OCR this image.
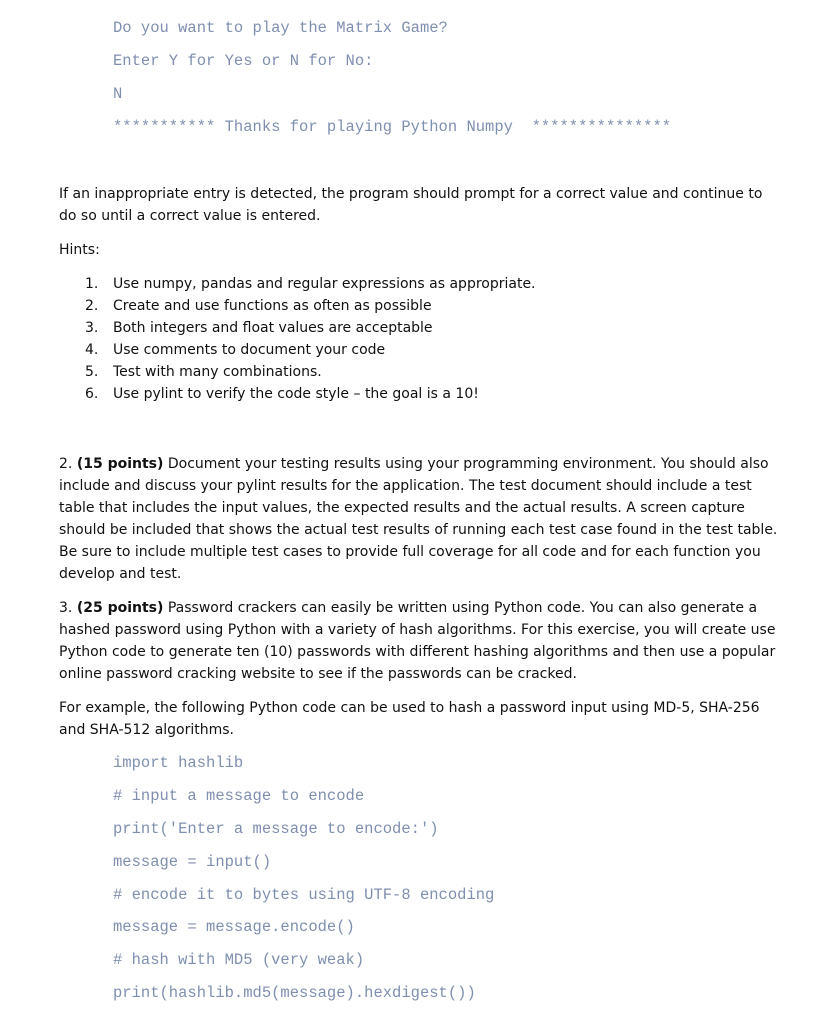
Do you want to play the Matrix Game?
Enter Y for Yes or N for No:
N
*********** Thanks for playing Python Numpy  ***************
If an inappropriate entry is detected, the program should prompt for a correct value and continue to do so until a correct value is entered.
Hints:
1. Use numpy, pandas and regular expressions as appropriate.
2. Create and use functions as often as possible
3. Both integers and float values are acceptable
4. Use comments to document your code
5. Test with many combinations.
6. Use pylint to verify the code style – the goal is a 10!
2. (15 points) Document your testing results using your programming environment. You should also include and discuss your pylint results for the application. The test document should include a test table that includes the input values, the expected results and the actual results. A screen capture should be included that shows the actual test results of running each test case found in the test table. Be sure to include multiple test cases to provide full coverage for all code and for each function you develop and test.
3. (25 points) Password crackers can easily be written using Python code. You can also generate a hashed password using Python with a variety of hash algorithms. For this exercise, you will create use Python code to generate ten (10) passwords with different hashing algorithms and then use a popular online password cracking website to see if the passwords can be cracked.
For example, the following Python code can be used to hash a password input using MD-5, SHA-256 and SHA-512 algorithms.
import hashlib
# input a message to encode
print('Enter a message to encode:')
message = input()
# encode it to bytes using UTF-8 encoding
message = message.encode()
# hash with MD5 (very weak)
print(hashlib.md5(message).hexdigest())
